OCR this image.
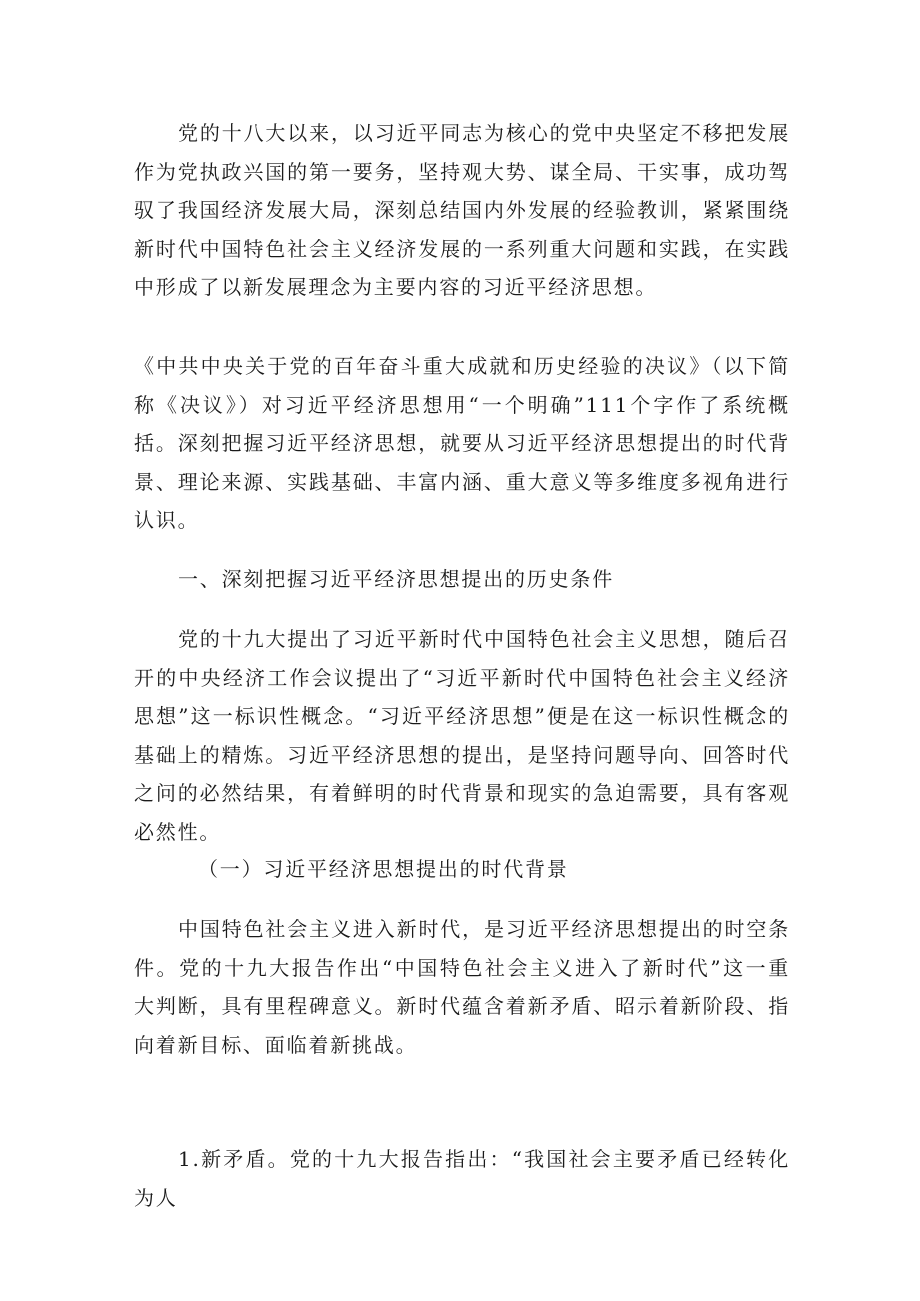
党的十八大以来，以习近平同志为核心的党中央坚定不移把发展作为党执政兴国的第一要务，坚持观大势、谋全局、干实事，成功驾驭了我国经济发展大局，深刻总结国内外发展的经验教训，紧紧围绕新时代中国特色社会主义经济发展的一系列重大问题和实践，在实践中形成了以新发展理念为主要内容的习近平经济思想。

《中共中央关于党的百年奋斗重大成就和历史经验的决议》（以下简称《决议》）对习近平经济思想用“一个明确”111个字作了系统概括。深刻把握习近平经济思想，就要从习近平经济思想提出的时代背景、理论来源、实践基础、丰富内涵、重大意义等多维度多视角进行认识。

一、深刻把握习近平经济思想提出的历史条件

党的十九大提出了习近平新时代中国特色社会主义思想，随后召开的中央经济工作会议提出了“习近平新时代中国特色社会主义经济思想”这一标识性概念。“习近平经济思想”便是在这一标识性概念的基础上的精炼。习近平经济思想的提出，是坚持问题导向、回答时代之问的必然结果，有着鲜明的时代背景和现实的急迫需要，具有客观必然性。

（一）习近平经济思想提出的时代背景

中国特色社会主义进入新时代，是习近平经济思想提出的时空条件。党的十九大报告作出“中国特色社会主义进入了新时代”这一重大判断，具有里程碑意义。新时代蕴含着新矛盾、昭示着新阶段、指向着新目标、面临着新挑战。

1.新矛盾。党的十九大报告指出：“我国社会主要矛盾已经转化为人
